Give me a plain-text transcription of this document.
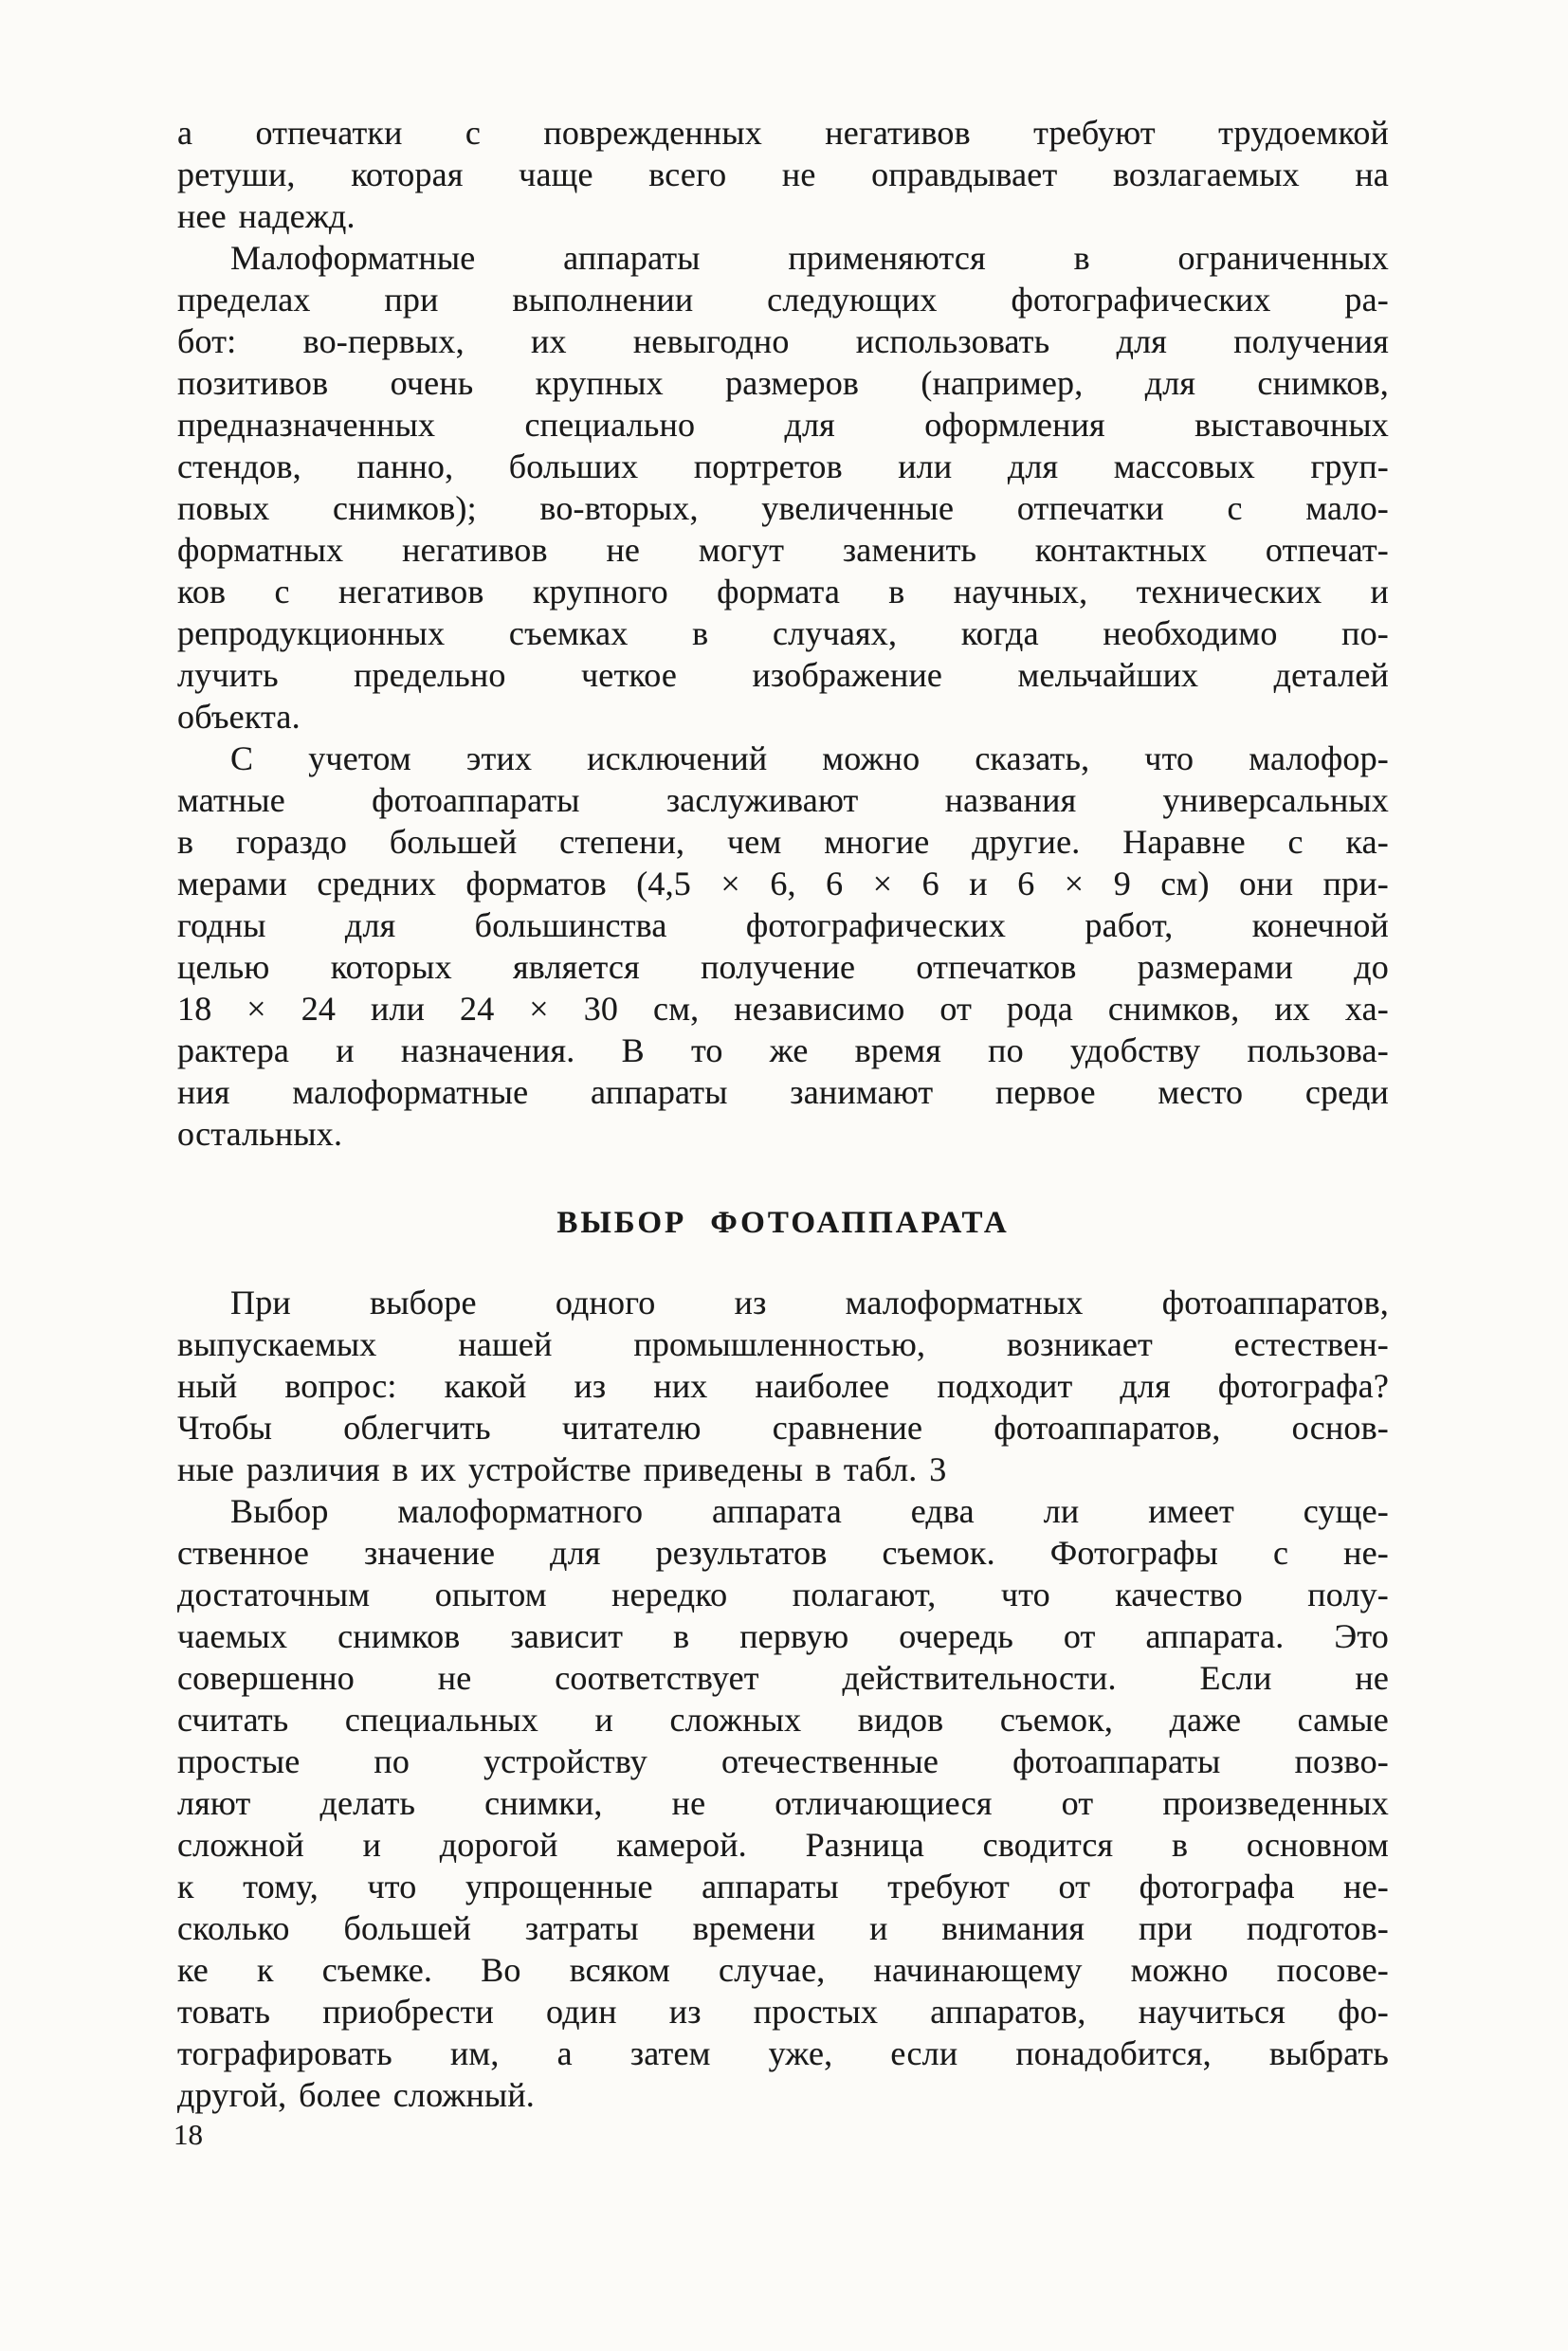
а отпечатки с поврежденных негативов требуют трудоемкой
ретуши, которая чаще всего не оправдывает возлагаемых на
нее надежд.
Малоформатные аппараты применяются в ограниченных
пределах при выполнении следующих фотографических ра-
бот: во-первых, их невыгодно использовать для получения
позитивов очень крупных размеров (например, для снимков,
предназначенных специально для оформления выставочных
стендов, панно, больших портретов или для массовых груп-
повых снимков); во-вторых, увеличенные отпечатки с мало-
форматных негативов не могут заменить контактных отпечат-
ков с негативов крупного формата в научных, технических и
репродукционных съемках в случаях, когда необходимо по-
лучить предельно четкое изображение мельчайших деталей
объекта.
С учетом этих исключений можно сказать, что малофор-
матные фотоаппараты заслуживают названия универсальных
в гораздо большей степени, чем многие другие. Наравне с ка-
мерами средних форматов (4,5 × 6, 6 × 6 и 6 × 9 см) они при-
годны для большинства фотографических работ, конечной
целью которых является получение отпечатков размерами до
18 × 24 или 24 × 30 см, независимо от рода снимков, их ха-
рактера и назначения. В то же время по удобству пользова-
ния малоформатные аппараты занимают первое место среди
остальных.
ВЫБОР ФОТОАППАРАТА
При выборе одного из малоформатных фотоаппаратов,
выпускаемых нашей промышленностью, возникает естествен-
ный вопрос: какой из них наиболее подходит для фотографа?
Чтобы облегчить читателю сравнение фотоаппаратов, основ-
ные различия в их устройстве приведены в табл. 3
Выбор малоформатного аппарата едва ли имеет суще-
ственное значение для результатов съемок. Фотографы с не-
достаточным опытом нередко полагают, что качество полу-
чаемых снимков зависит в первую очередь от аппарата. Это
совершенно не соответствует действительности. Если не
считать специальных и сложных видов съемок, даже самые
простые по устройству отечественные фотоаппараты позво-
ляют делать снимки, не отличающиеся от произведенных
сложной и дорогой камерой. Разница сводится в основном
к тому, что упрощенные аппараты требуют от фотографа не-
сколько большей затраты времени и внимания при подготов-
ке к съемке. Во всяком случае, начинающему можно посове-
товать приобрести один из простых аппаратов, научиться фо-
тографировать им, а затем уже, если понадобится, выбрать
другой, более сложный.
18
